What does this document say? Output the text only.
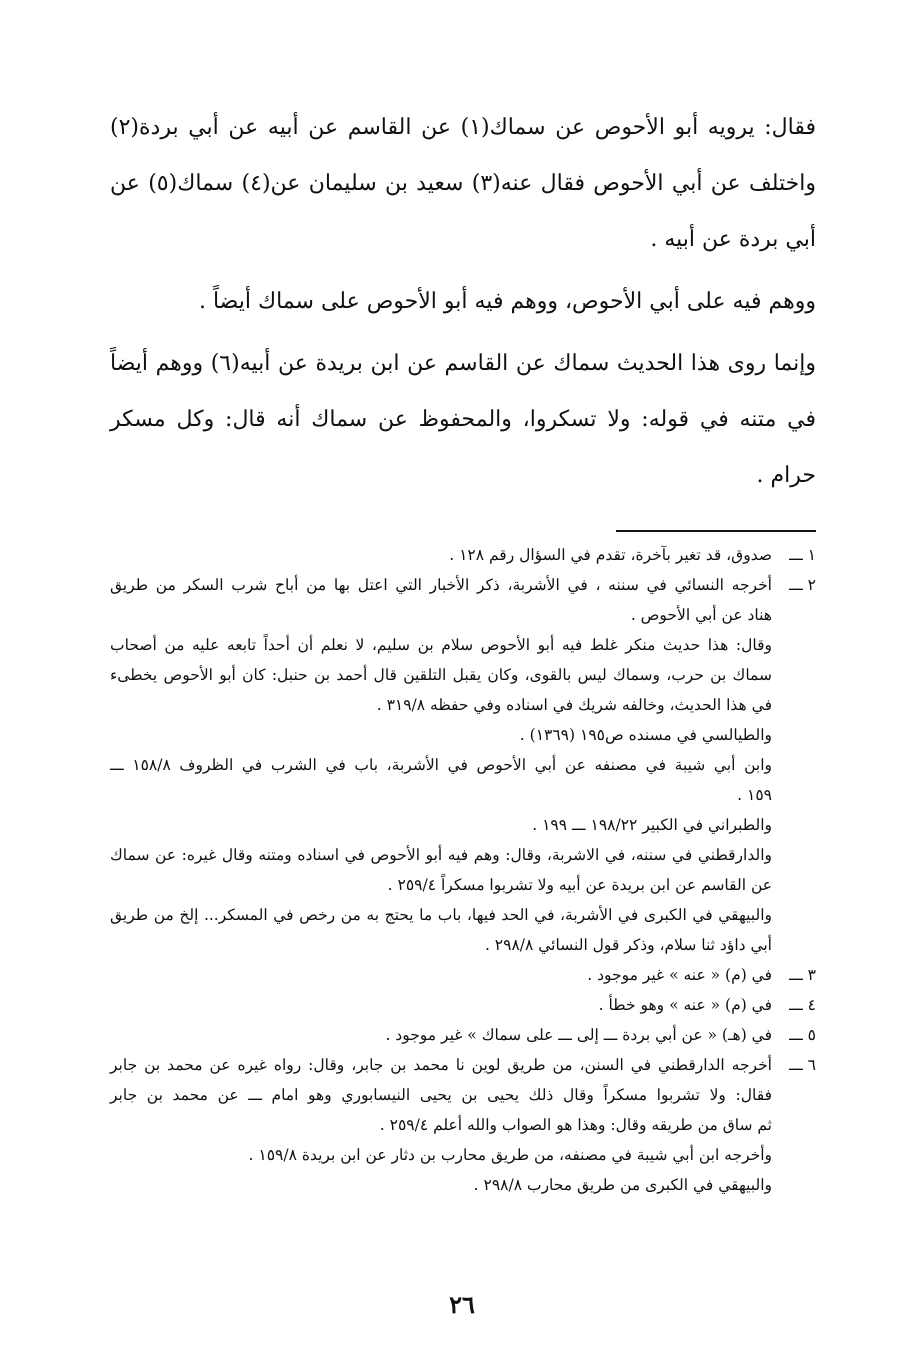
فقال: يرويه أبو الأحوص عن سماك(١) عن القاسم عن أبيه عن أبي بردة(٢) واختلف عن أبي الأحوص فقال عنه(٣) سعيد بن سليمان عن(٤) سماك(٥) عن أبي بردة عن أبيه .

ووهم فيه على أبي الأحوص، ووهم فيه أبو الأحوص على سماك أيضاً .

وإنما روى هذا الحديث سماك عن القاسم عن ابن بريدة عن أبيه(٦) ووهم أيضاً في متنه في قوله: ولا تسكروا، والمحفوظ عن سماك أنه قال: وكل مسكر حرام .

١ ـــ
صدوق، قد تغير بآخرة، تقدم في السؤال رقم ١٢٨ .
٢ ـــ
أخرجه النسائي في سننه ، في الأشربة، ذكر الأخبار التي اعتل بها من أباح شرب السكر من طريق
هناد عن أبي الأحوص .
وقال: هذا حديث منكر غلط فيه أبو الأحوص سلام بن سليم، لا نعلم أن أحداً تابعه عليه من أصحاب
سماك بن حرب، وسماك ليس بالقوى، وكان يقبل التلقين قال أحمد بن حنبل: كان أبو الأحوص يخطىء
في هذا الحديث، وخالفه شريك في اسناده وفي حفظه ٣١٩/٨ .
والطيالسي في مسنده ص١٩٥ (١٣٦٩) .
وابن أبي شيبة في مصنفه عن أبي الأحوص في الأشربة، باب في الشرب في الظروف ١٥٨/٨ ـــ
١٥٩ .
والطبراني في الكبير ١٩٨/٢٢ ـــ ١٩٩ .
والدارقطني في سننه، في الاشربة، وقال: وهم فيه أبو الأحوص في اسناده ومتنه وقال غيره: عن سماك
عن القاسم عن ابن بريدة عن أبيه ولا تشربوا مسكراً ٢٥٩/٤ .
والبيهقي في الكبرى في الأشربة، في الحد فيها، باب ما يحتج به من رخص في المسكر... إلخ من طريق
أبي داؤد ثنا سلام، وذكر قول النسائي ٢٩٨/٨ .
٣ ـــ
في (م) « عنه » غير موجود .
٤ ـــ
في (م) « عنه » وهو خطأ .
٥ ـــ
في (هـ) « عن أبي بردة ـــ إلى ـــ على سماك » غير موجود .
٦ ـــ
أخرجه الدارقطني في السنن، من طريق لوين نا محمد بن جابر، وقال: رواه غيره عن محمد بن جابر
فقال: ولا تشربوا مسكراً وقال ذلك يحيى بن يحيى النيسابوري وهو امام ـــ عن محمد بن جابر
ثم ساق من طريقه وقال: وهذا هو الصواب والله أعلم ٢٥٩/٤ .
وأخرجه ابن أبي شيبة في مصنفه، من طريق محارب بن دثار عن ابن بريدة ١٥٩/٨ .
والبيهقي في الكبرى من طريق محارب ٢٩٨/٨ .
٢٦
